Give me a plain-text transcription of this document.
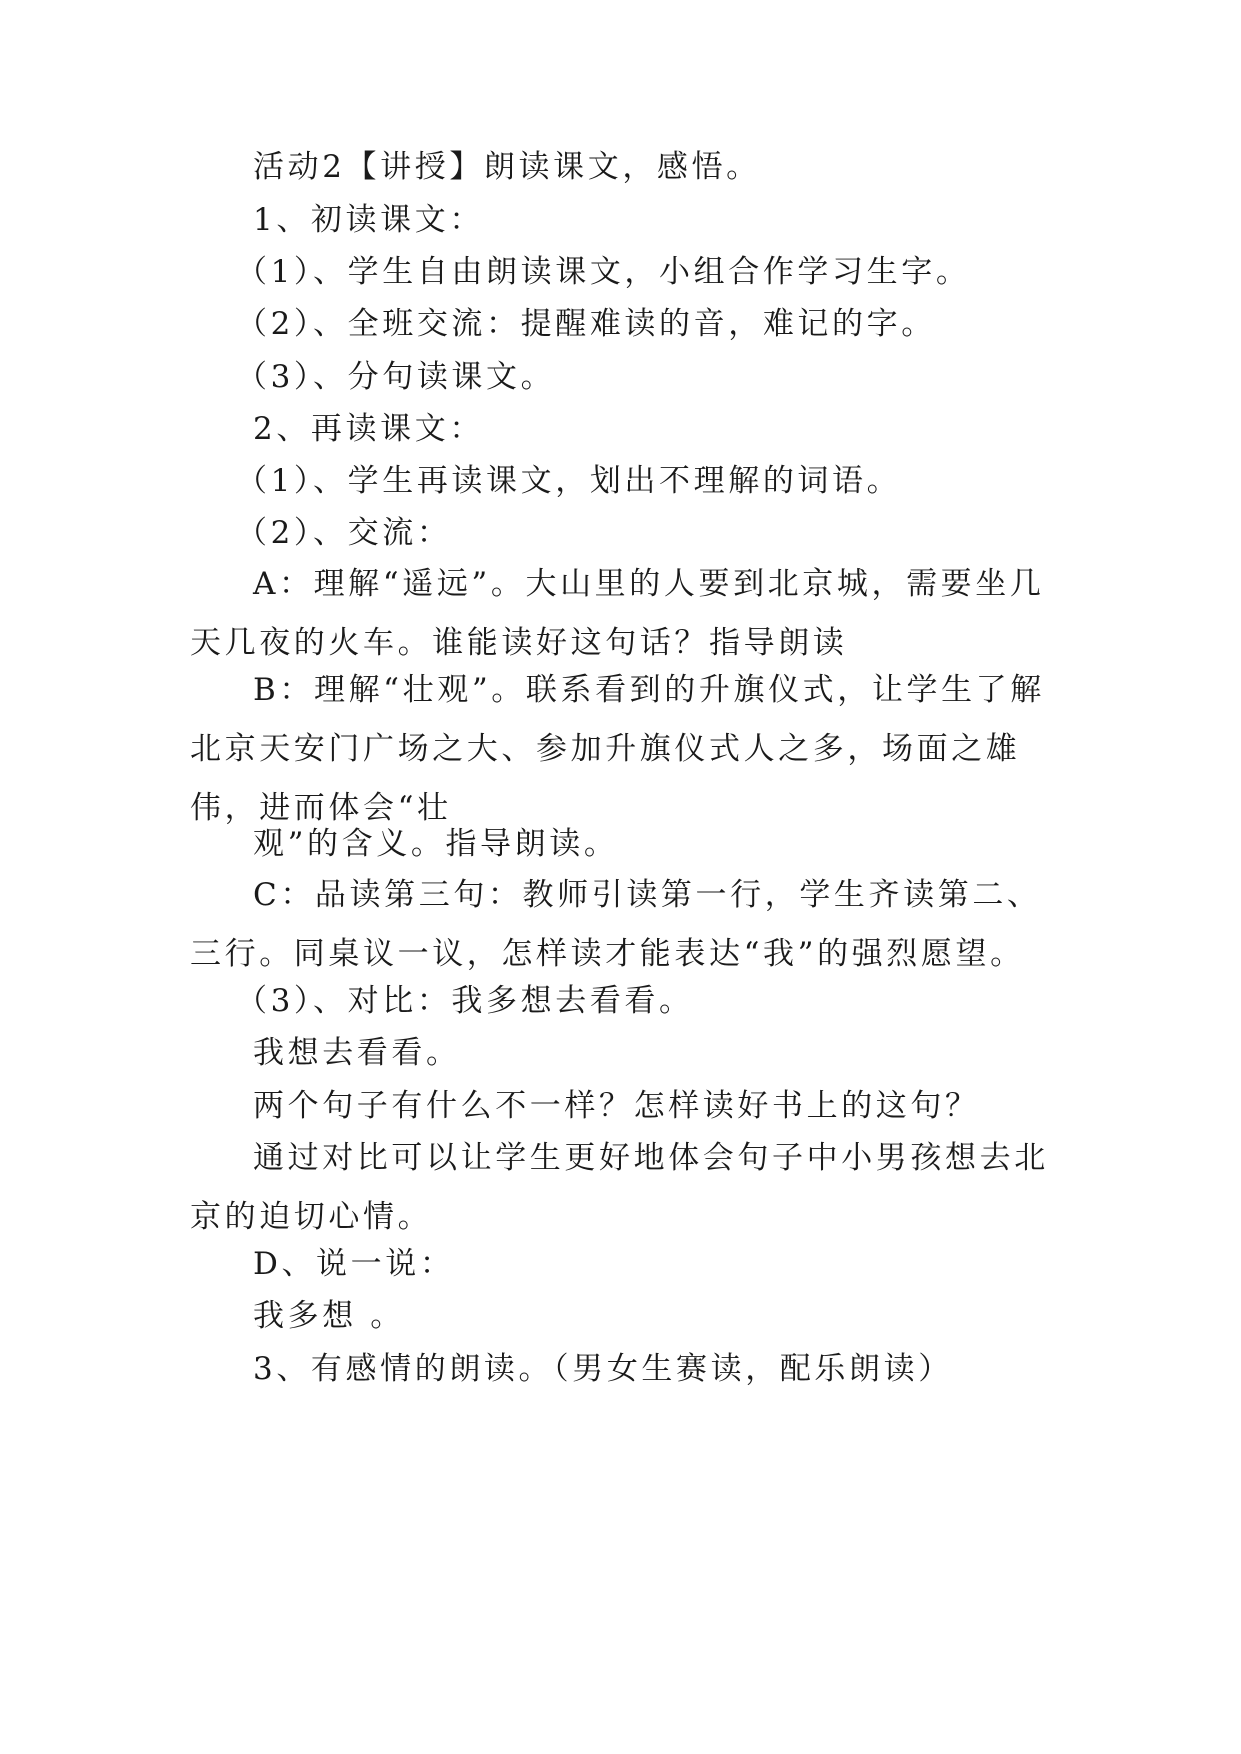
活动2【讲授】朗读课文，感悟。

1、初读课文：

（1）、学生自由朗读课文，小组合作学习生字。

（2）、全班交流：提醒难读的音，难记的字。

（3）、分句读课文。

2、再读课文：

（1）、学生再读课文，划出不理解的词语。

（2）、交流：

A：理解“遥远”。大山里的人要到北京城，需要坐几天几夜的火车。谁能读好这句话？指导朗读

B：理解“壮观”。联系看到的升旗仪式，让学生了解北京天安门广场之大、参加升旗仪式人之多，场面之雄伟，进而体会“壮

观”的含义。指导朗读。

C：品读第三句：教师引读第一行，学生齐读第二、三行。同桌议一议，怎样读才能表达“我”的强烈愿望。

（3）、对比：我多想去看看。

我想去看看。

两个句子有什么不一样？怎样读好书上的这句？

通过对比可以让学生更好地体会句子中小男孩想去北京的迫切心情。

D、说一说：

我多想 。

3、有感情的朗读。（男女生赛读，配乐朗读）
